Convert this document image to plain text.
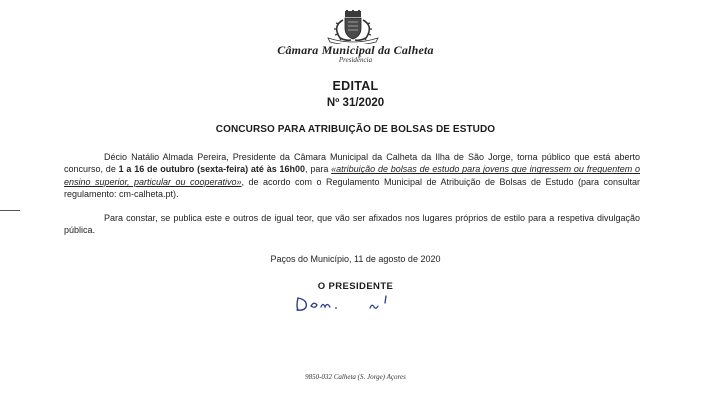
Câmara Municipal da Calheta
Presidência
EDITAL
Nº 31/2020
CONCURSO PARA ATRIBUIÇÃO DE BOLSAS DE ESTUDO
Décio Natálio Almada Pereira, Presidente da Câmara Municipal da Calheta da Ilha de São Jorge, torna público que está aberto concurso, de 1 a 16 de outubro (sexta-feira) até às 16h00, para «atribuição de bolsas de estudo para jovens que ingressem ou frequentem o ensino superior, particular ou cooperativo», de acordo com o Regulamento Municipal de Atribuição de Bolsas de Estudo (para consultar regulamento: cm-calheta.pt).
Para constar, se publica este e outros de igual teor, que vão ser afixados nos lugares próprios de estilo para a respetiva divulgação pública.
Paços do Município, 11 de agosto de 2020
O PRESIDENTE
9850-032 Calheta (S. Jorge) Açores
